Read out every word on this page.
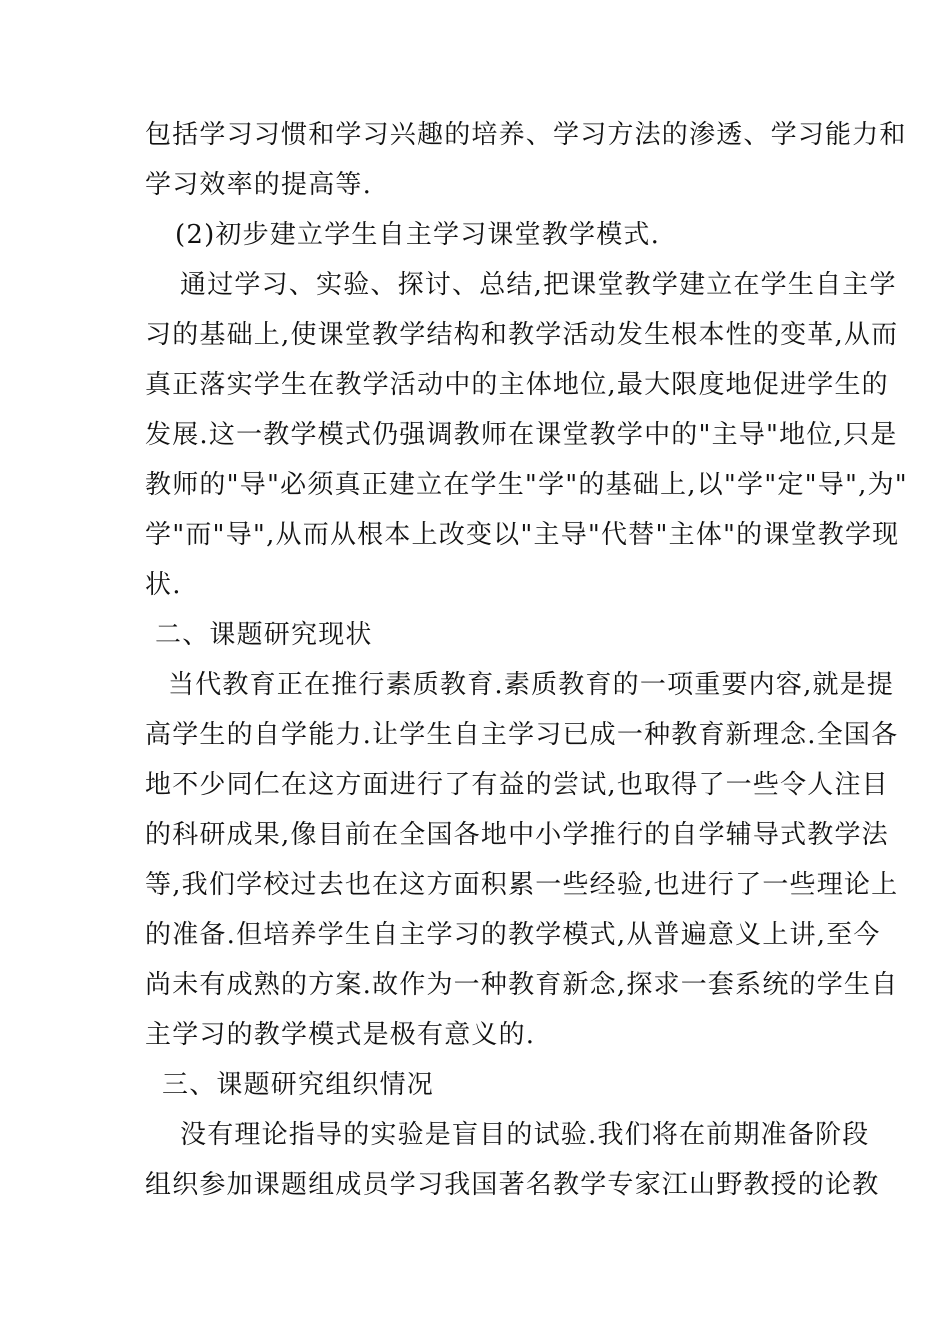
包括学习习惯和学习兴趣的培养、学习方法的渗透、学习能力和

学习效率的提高等.

(2)初步建立学生自主学习课堂教学模式.

通过学习、实验、探讨、总结,把课堂教学建立在学生自主学

习的基础上,使课堂教学结构和教学活动发生根本性的变革,从而

真正落实学生在教学活动中的主体地位,最大限度地促进学生的

发展.这一教学模式仍强调教师在课堂教学中的"主导"地位,只是

教师的"导"必须真正建立在学生"学"的基础上,以"学"定"导",为"

学"而"导",从而从根本上改变以"主导"代替"主体"的课堂教学现

状.

二、课题研究现状

当代教育正在推行素质教育.素质教育的一项重要内容,就是提

高学生的自学能力.让学生自主学习已成一种教育新理念.全国各

地不少同仁在这方面进行了有益的尝试,也取得了一些令人注目

的科研成果,像目前在全国各地中小学推行的自学辅导式教学法

等,我们学校过去也在这方面积累一些经验,也进行了一些理论上

的准备.但培养学生自主学习的教学模式,从普遍意义上讲,至今

尚未有成熟的方案.故作为一种教育新念,探求一套系统的学生自

主学习的教学模式是极有意义的.

三、课题研究组织情况

没有理论指导的实验是盲目的试验.我们将在前期准备阶段

组织参加课题组成员学习我国著名教学专家江山野教授的论教
